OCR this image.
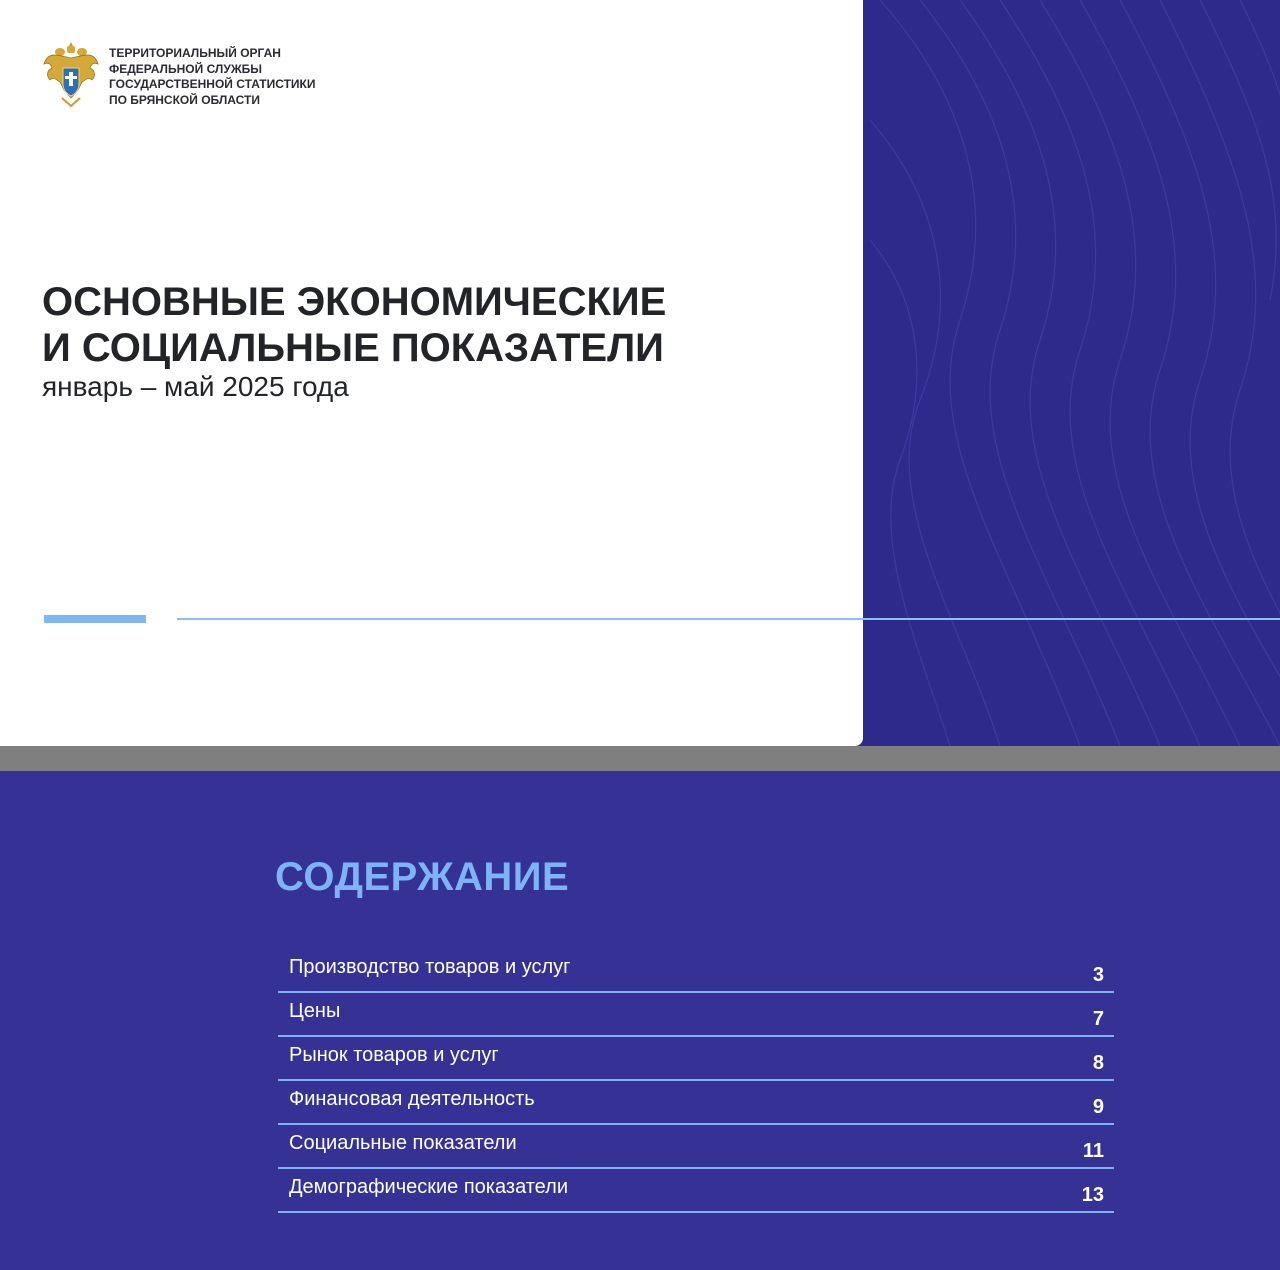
ТЕРРИТОРИАЛЬНЫЙ ОРГАН
ФЕДЕРАЛЬНОЙ СЛУЖБЫ
ГОСУДАРСТВЕННОЙ СТАТИСТИКИ
ПО БРЯНСКОЙ ОБЛАСТИ
ОСНОВНЫЕ ЭКОНОМИЧЕСКИЕ
И СОЦИАЛЬНЫЕ ПОКАЗАТЕЛИ
январь – май 2025 года
СОДЕРЖАНИЕ
Производство товаров и услуг	3
Цены	7
Рынок товаров и услуг	8
Финансовая деятельность	9
Социальные показатели	11
Демографические показатели	13
